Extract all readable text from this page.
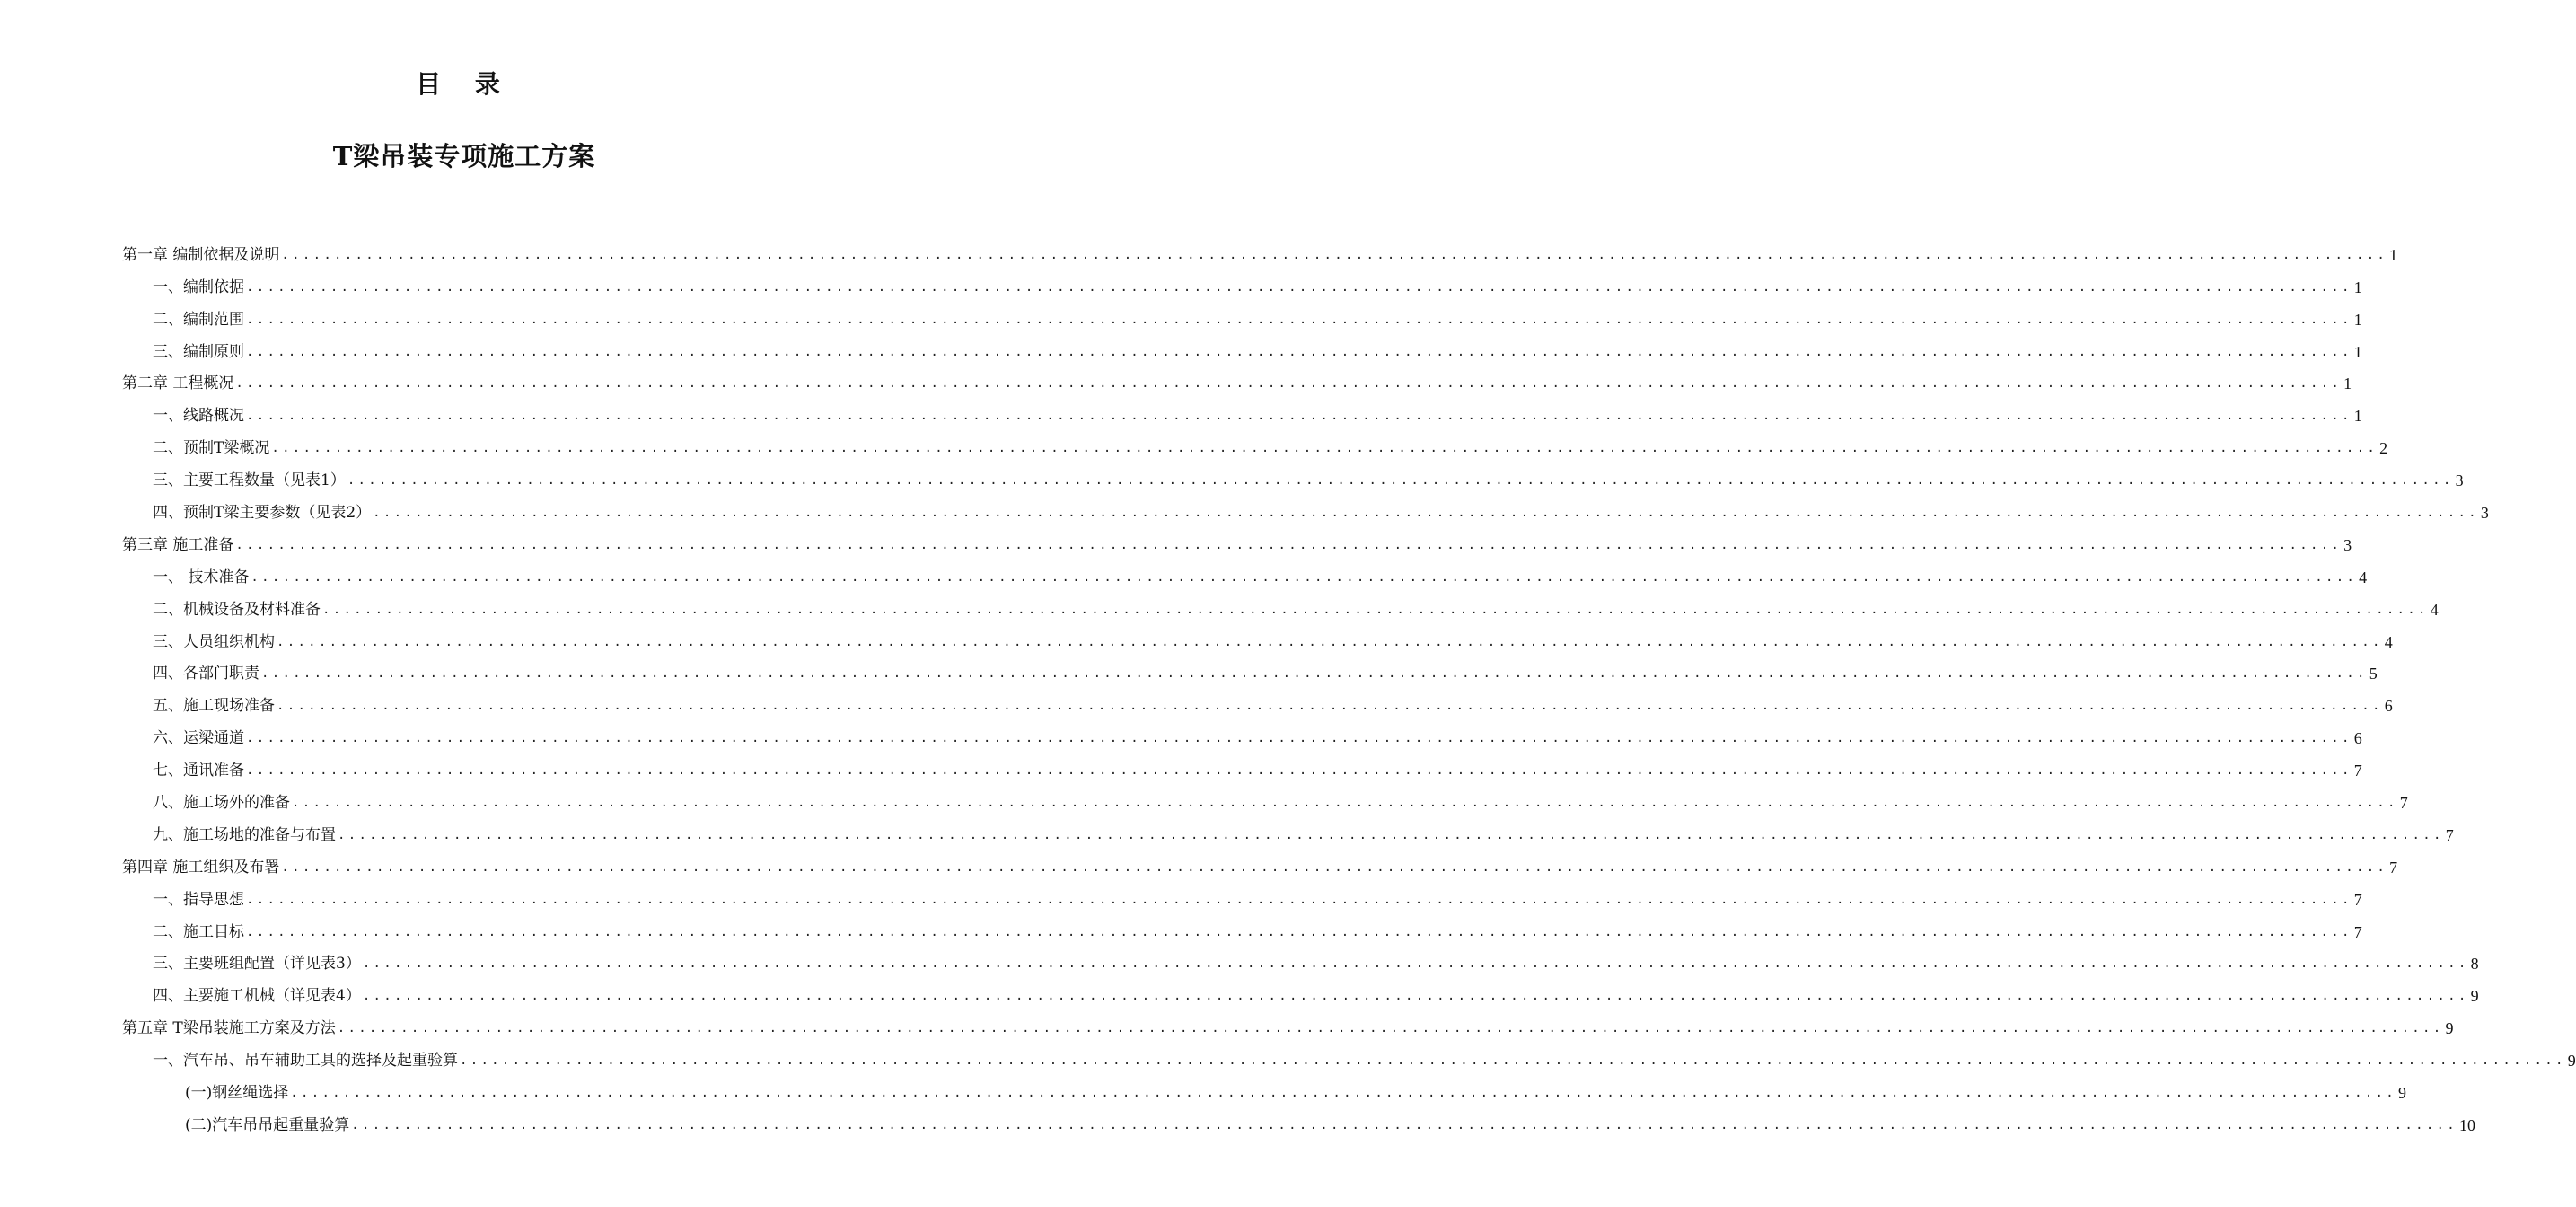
目 录
T梁吊装专项施工方案
第一章 编制依据及说明 ........................................................................................................................................................................................................ 1
一、编制依据 ........................................................................................................................................................................................................ 1
二、编制范围 ........................................................................................................................................................................................................ 1
三、编制原则 ........................................................................................................................................................................................................ 1
第二章 工程概况 ........................................................................................................................................................................................................ 1
一、线路概况 ........................................................................................................................................................................................................ 1
二、预制T梁概况 ........................................................................................................................................................................................................ 2
三、主要工程数量（见表1） ........................................................................................................................................................................................................ 3
四、预制T梁主要参数（见表2） ........................................................................................................................................................................................................ 3
第三章 施工准备 ........................................................................................................................................................................................................ 3
一、 技术准备 ........................................................................................................................................................................................................ 4
二、机械设备及材料准备 ........................................................................................................................................................................................................ 4
三、人员组织机构 ........................................................................................................................................................................................................ 4
四、各部门职责 ........................................................................................................................................................................................................ 5
五、施工现场准备 ........................................................................................................................................................................................................ 6
六、运梁通道 ........................................................................................................................................................................................................ 6
七、通讯准备 ........................................................................................................................................................................................................ 7
八、施工场外的准备 ........................................................................................................................................................................................................ 7
九、施工场地的准备与布置 ........................................................................................................................................................................................................ 7
第四章 施工组织及布署 ........................................................................................................................................................................................................ 7
一、指导思想 ........................................................................................................................................................................................................ 7
二、施工目标 ........................................................................................................................................................................................................ 7
三、主要班组配置（详见表3） ........................................................................................................................................................................................................ 8
四、主要施工机械（详见表4） ........................................................................................................................................................................................................ 9
第五章 T梁吊装施工方案及方法 ........................................................................................................................................................................................................ 9
一、汽车吊、吊车辅助工具的选择及起重验算 ........................................................................................................................................................................................................ 9
(一)钢丝绳选择 ........................................................................................................................................................................................................ 9
(二)汽车吊吊起重量验算 ........................................................................................................................................................................................................ 10
